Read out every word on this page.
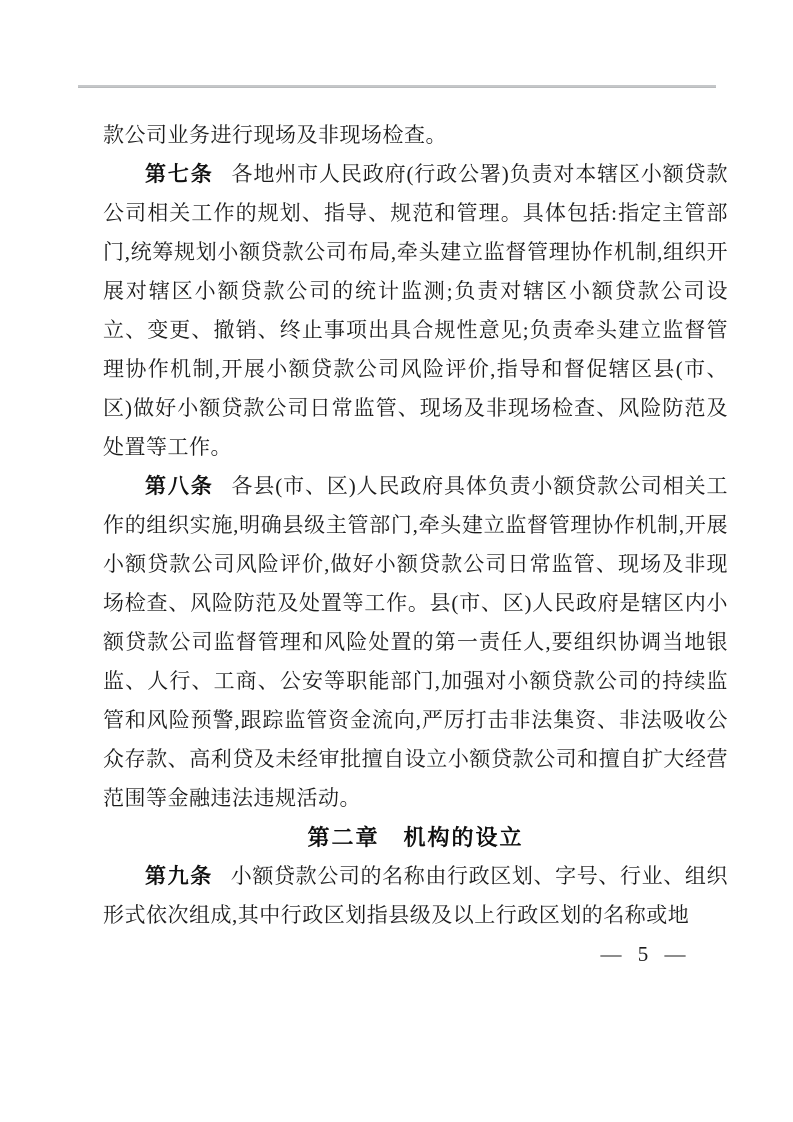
款公司业务进行现场及非现场检查。

第七条 各地州市人民政府(行政公署)负责对本辖区小额贷款公司相关工作的规划、指导、规范和管理。具体包括:指定主管部门,统筹规划小额贷款公司布局,牵头建立监督管理协作机制,组织开展对辖区小额贷款公司的统计监测;负责对辖区小额贷款公司设立、变更、撤销、终止事项出具合规性意见;负责牵头建立监督管理协作机制,开展小额贷款公司风险评价,指导和督促辖区县(市、区)做好小额贷款公司日常监管、现场及非现场检查、风险防范及处置等工作。

第八条 各县(市、区)人民政府具体负责小额贷款公司相关工作的组织实施,明确县级主管部门,牵头建立监督管理协作机制,开展小额贷款公司风险评价,做好小额贷款公司日常监管、现场及非现场检查、风险防范及处置等工作。县(市、区)人民政府是辖区内小额贷款公司监督管理和风险处置的第一责任人,要组织协调当地银监、人行、工商、公安等职能部门,加强对小额贷款公司的持续监管和风险预警,跟踪监管资金流向,严厉打击非法集资、非法吸收公众存款、高利贷及未经审批擅自设立小额贷款公司和擅自扩大经营范围等金融违法违规活动。

第二章　机构的设立

第九条 小额贷款公司的名称由行政区划、字号、行业、组织形式依次组成,其中行政区划指县级及以上行政区划的名称或地

— 5 —
